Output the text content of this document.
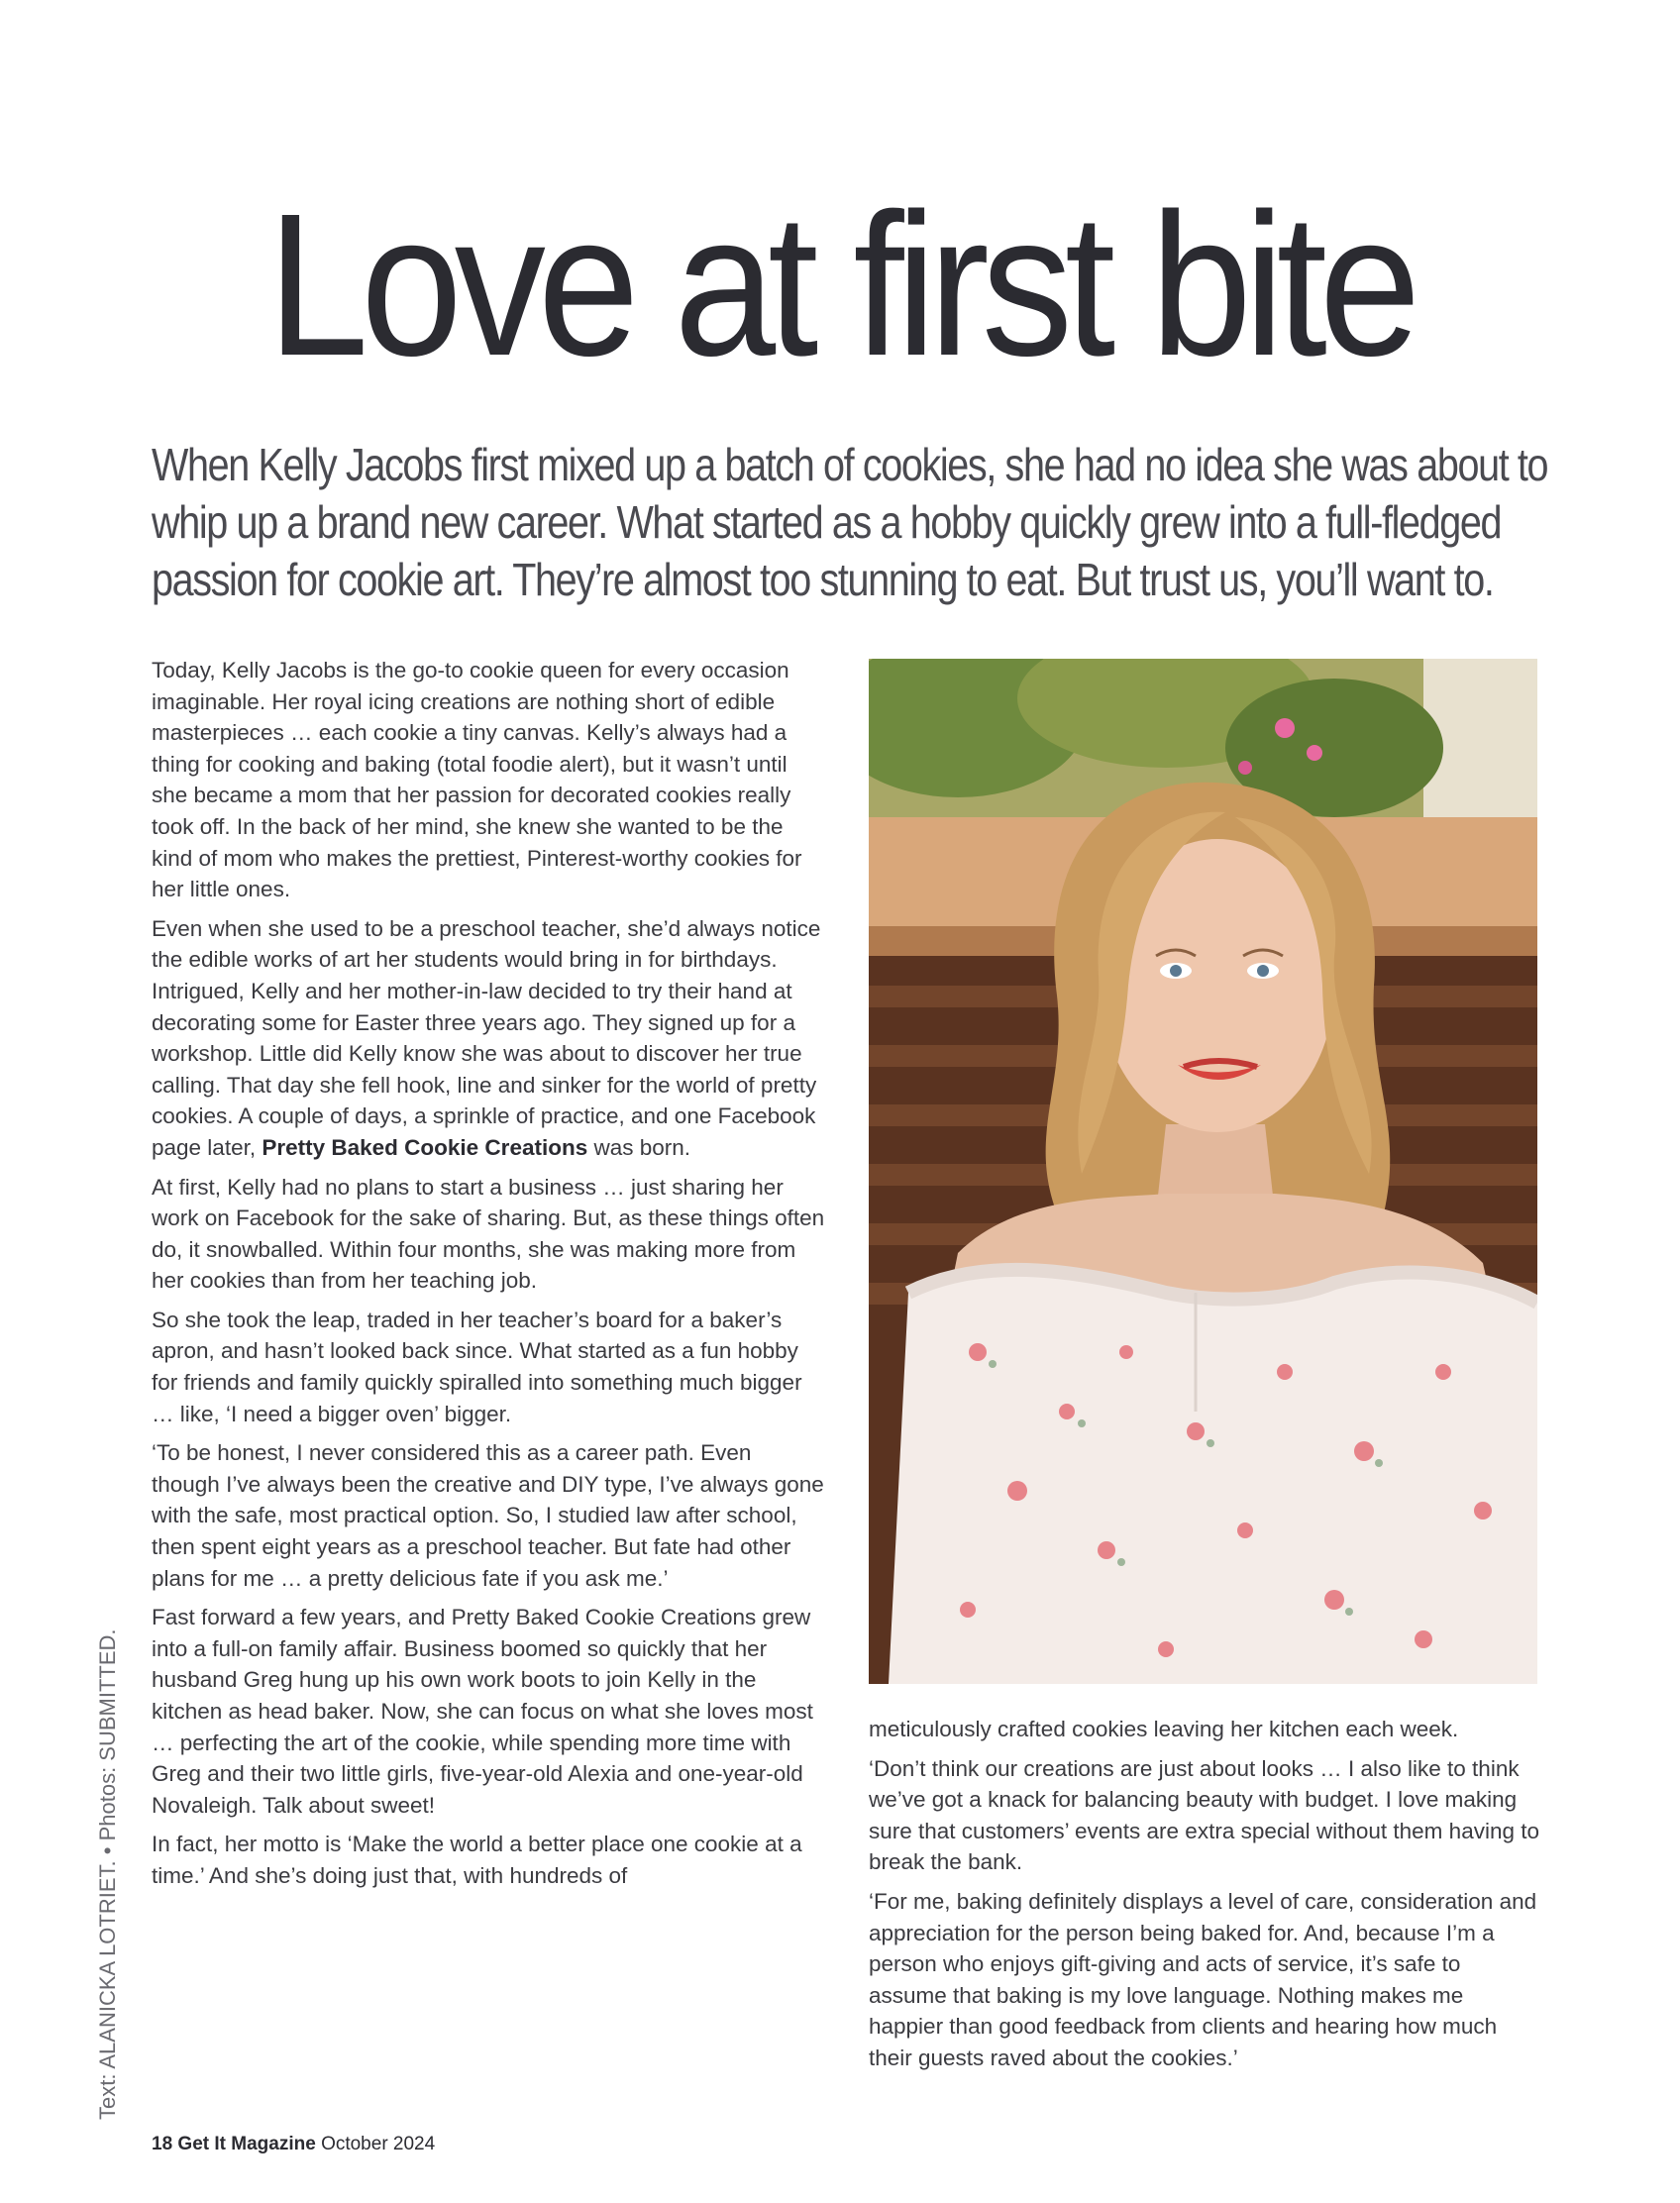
Love at first bite

When Kelly Jacobs first mixed up a batch of cookies, she had no idea she was about to whip up a brand new career. What started as a hobby quickly grew into a full-fledged passion for cookie art. They’re almost too stunning to eat. But trust us, you’ll want to.

Today, Kelly Jacobs is the go-to cookie queen for every occasion imaginable. Her royal icing creations are nothing short of edible masterpieces … each cookie a tiny canvas. Kelly’s always had a thing for cooking and baking (total foodie alert), but it wasn’t until she became a mom that her passion for decorated cookies really took off. In the back of her mind, she knew she wanted to be the kind of mom who makes the prettiest, Pinterest-worthy cookies for her little ones.

Even when she used to be a preschool teacher, she’d always notice the edible works of art her students would bring in for birthdays. Intrigued, Kelly and her mother-in-law decided to try their hand at decorating some for Easter three years ago. They signed up for a workshop. Little did Kelly know she was about to discover her true calling. That day she fell hook, line and sinker for the world of pretty cookies. A couple of days, a sprinkle of practice, and one Facebook page later, Pretty Baked Cookie Creations was born.

At first, Kelly had no plans to start a business … just sharing her work on Facebook for the sake of sharing. But, as these things often do, it snowballed. Within four months, she was making more from her cookies than from her teaching job.

So she took the leap, traded in her teacher’s board for a baker’s apron, and hasn’t looked back since. What started as a fun hobby for friends and family quickly spiralled into something much bigger … like, ‘I need a bigger oven’ bigger.

‘To be honest, I never considered this as a career path. Even though I’ve always been the creative and DIY type, I’ve always gone with the safe, most practical option. So, I studied law after school, then spent eight years as a preschool teacher. But fate had other plans for me … a pretty delicious fate if you ask me.’

Fast forward a few years, and Pretty Baked Cookie Creations grew into a full-on family affair. Business boomed so quickly that her husband Greg hung up his own work boots to join Kelly in the kitchen as head baker. Now, she can focus on what she loves most … perfecting the art of the cookie, while spending more time with Greg and their two little girls, five-year-old Alexia and one-year-old Novaleigh. Talk about sweet!

In fact, her motto is ‘Make the world a better place one cookie at a time.’ And she’s doing just that, with hundreds of

meticulously crafted cookies leaving her kitchen each week.

‘Don’t think our creations are just about looks … I also like to think we’ve got a knack for balancing beauty with budget. I love making sure that customers’ events are extra special without them having to break the bank.

‘For me, baking definitely displays a level of care, consideration and appreciation for the person being baked for. And, because I’m a person who enjoys gift-giving and acts of service, it’s safe to assume that baking is my love language. Nothing makes me happier than good feedback from clients and hearing how much their guests raved about the cookies.’

Text: ALANICKA LOTRIET. • Photos: SUBMITTED.
18 Get It Magazine October 2024
